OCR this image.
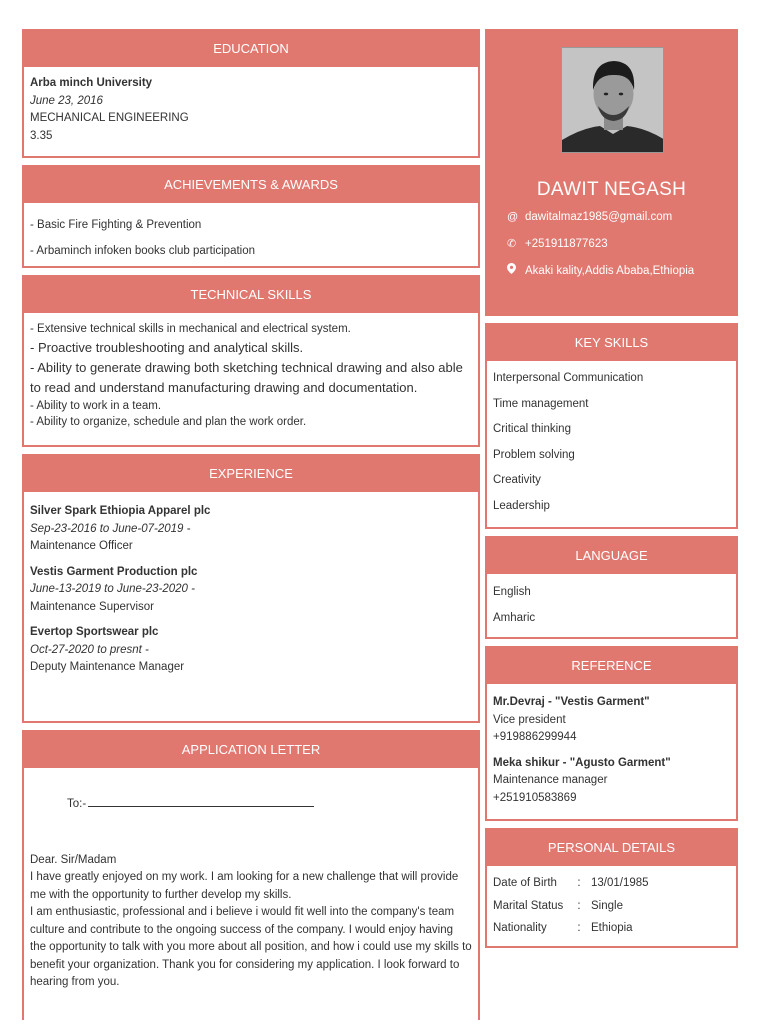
EDUCATION
Arba minch University
June 23, 2016
MECHANICAL ENGINEERING
3.35
ACHIEVEMENTS & AWARDS
- Basic Fire Fighting & Prevention
- Arbaminch infoken books club participation
TECHNICAL SKILLS
- Extensive technical skills in mechanical and electrical system.
- Proactive troubleshooting and analytical skills.
- Ability to generate drawing both sketching technical drawing and also able to read and understand manufacturing drawing and documentation.
- Ability to work in a team.
- Ability to organize, schedule and plan the work order.
EXPERIENCE
Silver Spark Ethiopia Apparel plc
Sep-23-2016 to June-07-2019 -
Maintenance Officer
Vestis Garment Production plc
June-13-2019 to June-23-2020 -
Maintenance Supervisor
Evertop Sportswear plc
Oct-27-2020 to presnt -
Deputy Maintenance Manager
APPLICATION LETTER
To:-
Dear. Sir/Madam
I have greatly enjoyed on my work. I am looking for a new challenge that will provide me with the opportunity to further develop my skills.
I am enthusiastic, professional and i believe i would fit well into the company's team culture and contribute to the ongoing success of the company. I would enjoy having the opportunity to talk with you more about all position, and how i could use my skills to benefit your organization. Thank you for considering my application. I look forward to hearing from you.
DAWIT NEGASH
@ dawitalmaz1985@gmail.com
✆ +251911877623
Akaki kality,Addis Ababa,Ethiopia
KEY SKILLS
Interpersonal Communication
Time management
Critical thinking
Problem solving
Creativity
Leadership
LANGUAGE
English
Amharic
REFERENCE
Mr.Devraj - "Vestis Garment"
Vice president
+919886299944
Meka shikur - "Agusto Garment"
Maintenance manager
+251910583869
PERSONAL DETAILS
Date of Birth : 13/01/1985
Marital Status : Single
Nationality	: Ethiopia
